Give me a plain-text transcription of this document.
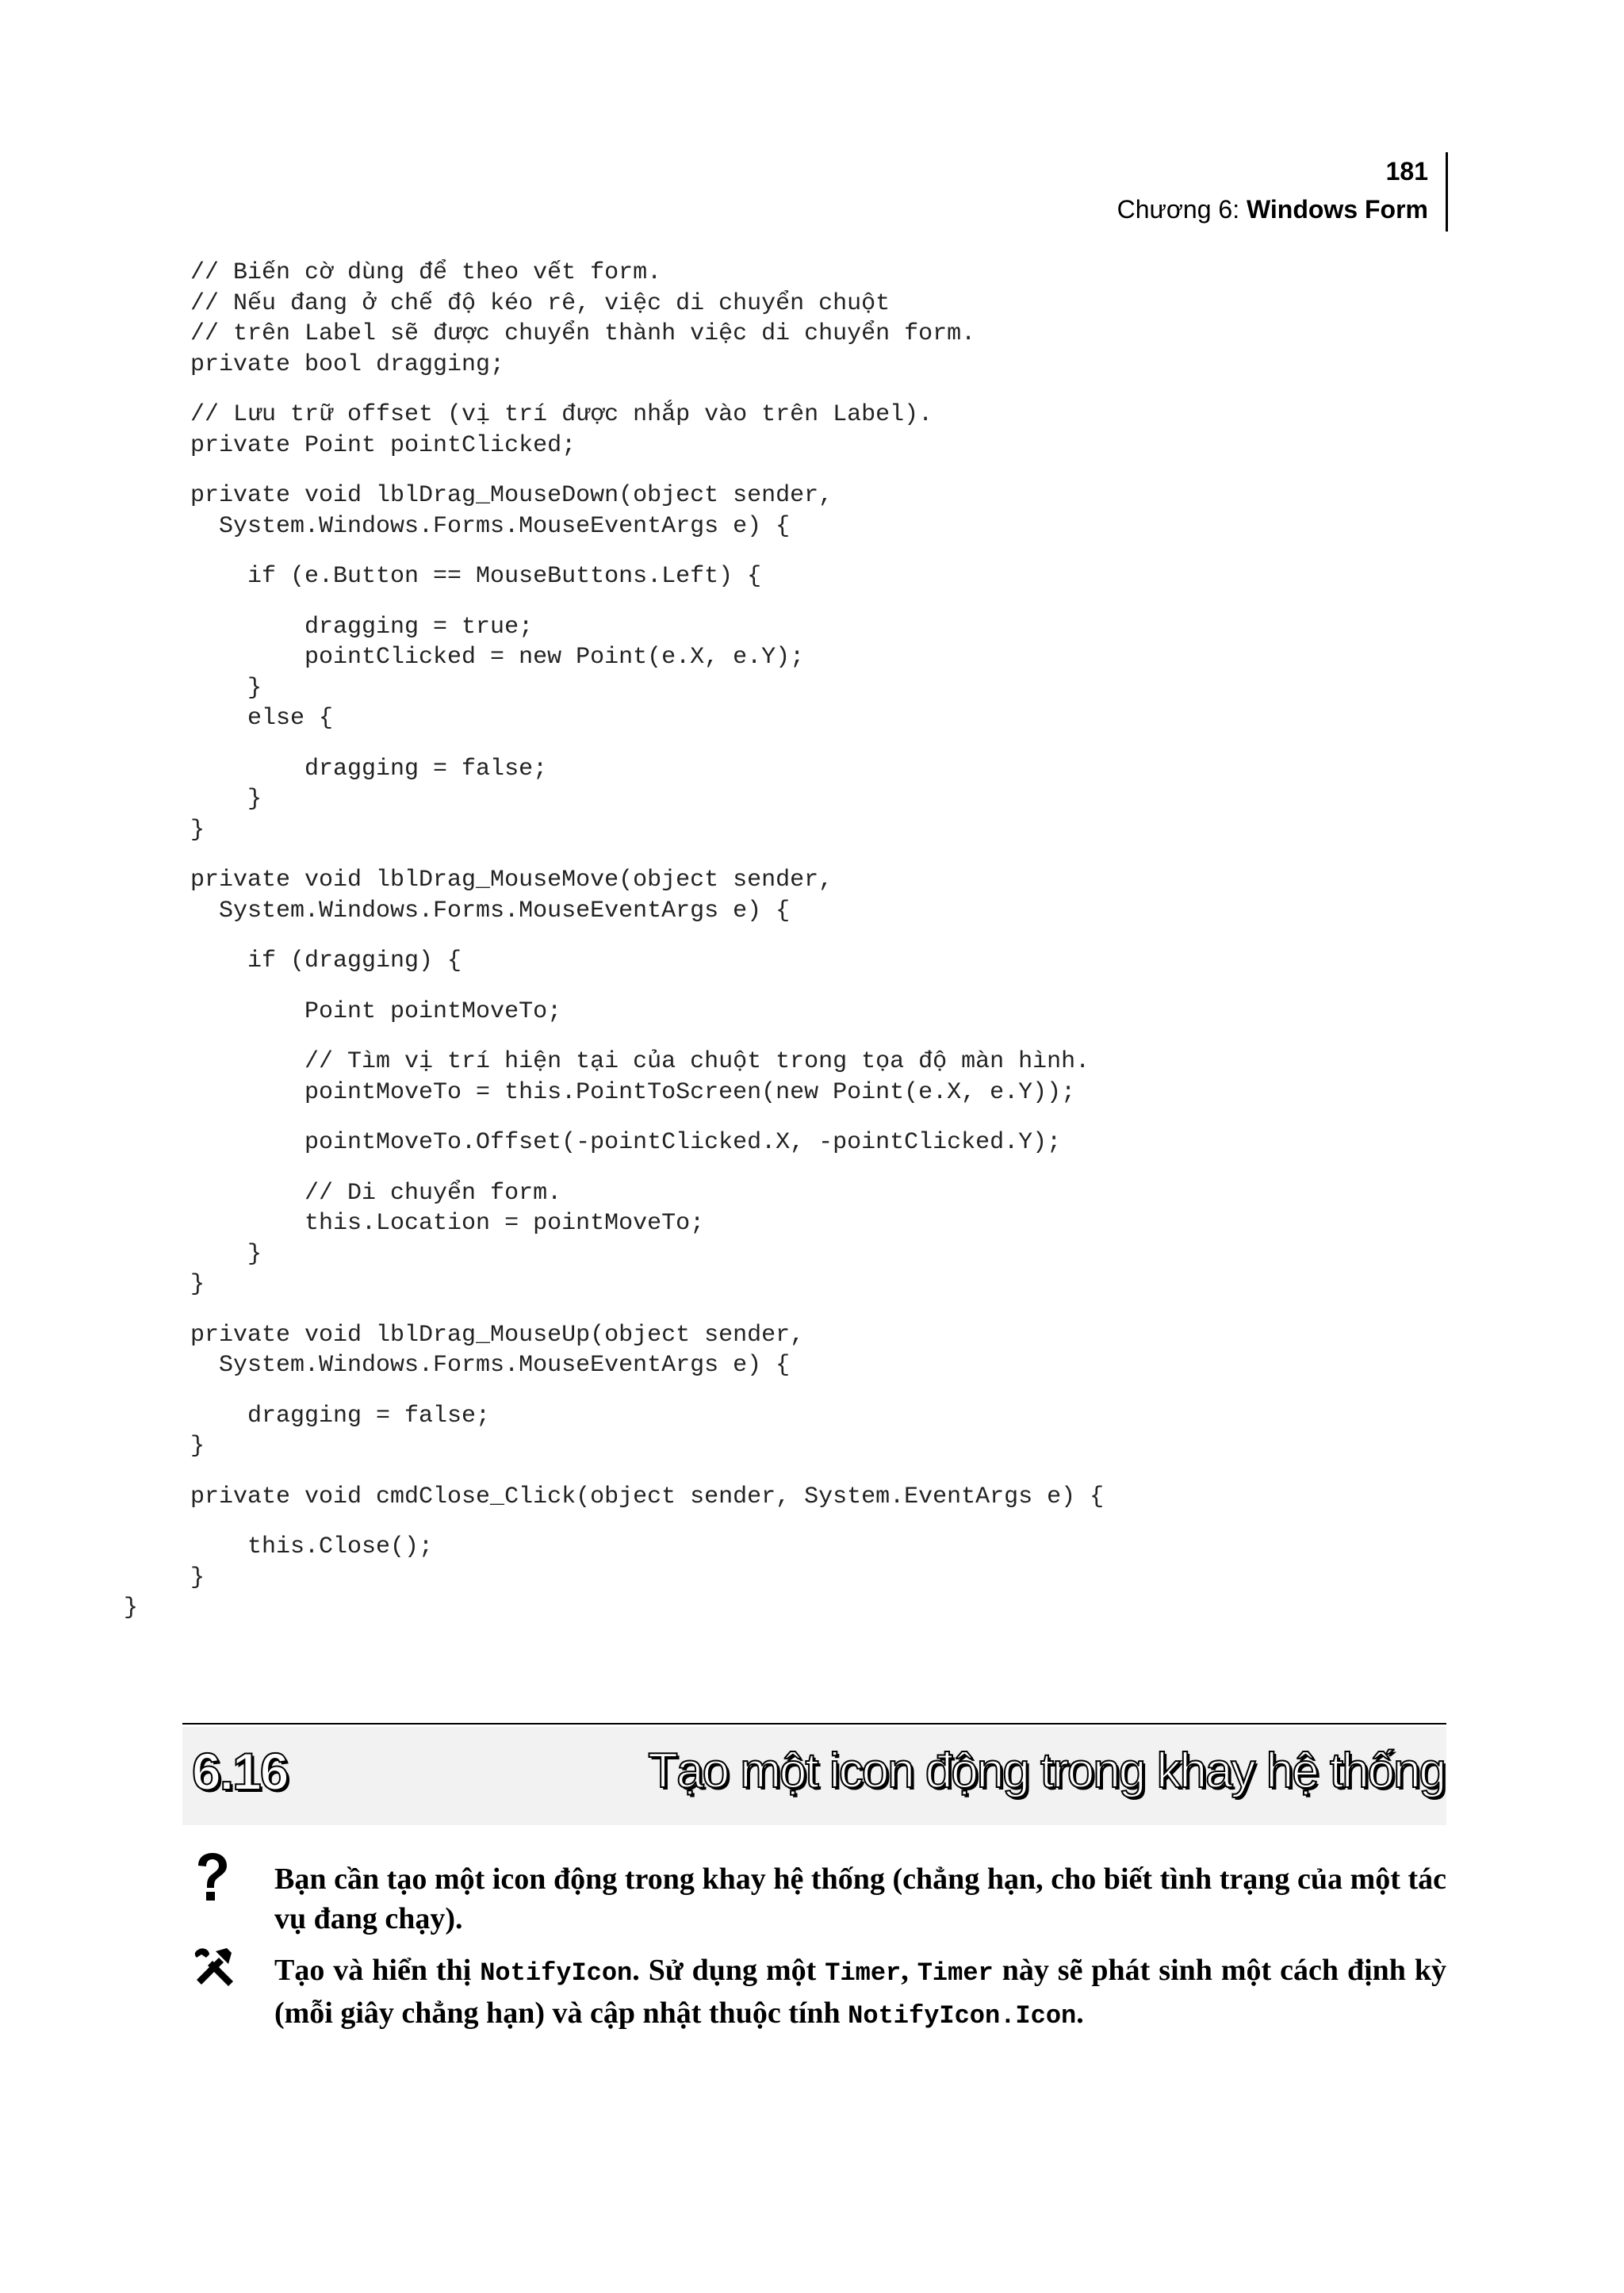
181
Chương 6: Windows Form
// Biến cờ dùng để theo vết form.
// Nếu đang ở chế độ kéo rê, việc di chuyển chuột
// trên Label sẽ được chuyển thành việc di chuyển form.
private bool dragging;
// Lưu trữ offset (vị trí được nhắp vào trên Label).
private Point pointClicked;
private void lblDrag_MouseDown(object sender,
System.Windows.Forms.MouseEventArgs e) {
if (e.Button == MouseButtons.Left) {
dragging = true;
pointClicked = new Point(e.X, e.Y);
}
else {
dragging = false;
}
}
private void lblDrag_MouseMove(object sender,
System.Windows.Forms.MouseEventArgs e) {
if (dragging) {
Point pointMoveTo;
// Tìm vị trí hiện tại của chuột trong tọa độ màn hình.
pointMoveTo = this.PointToScreen(new Point(e.X, e.Y));
pointMoveTo.Offset(-pointClicked.X, -pointClicked.Y);
// Di chuyển form.
this.Location = pointMoveTo;
}
}
private void lblDrag_MouseUp(object sender,
System.Windows.Forms.MouseEventArgs e) {
dragging = false;
}
private void cmdClose_Click(object sender, System.EventArgs e) {
this.Close();
}
}
6.16	Tạo một icon động trong khay hệ thống
Bạn cần tạo một icon động trong khay hệ thống (chẳng hạn, cho biết tình trạng của một tác vụ đang chạy).
Tạo và hiển thị NotifyIcon. Sử dụng một Timer, Timer này sẽ phát sinh một cách định kỳ (mỗi giây chẳng hạn) và cập nhật thuộc tính NotifyIcon.Icon.
